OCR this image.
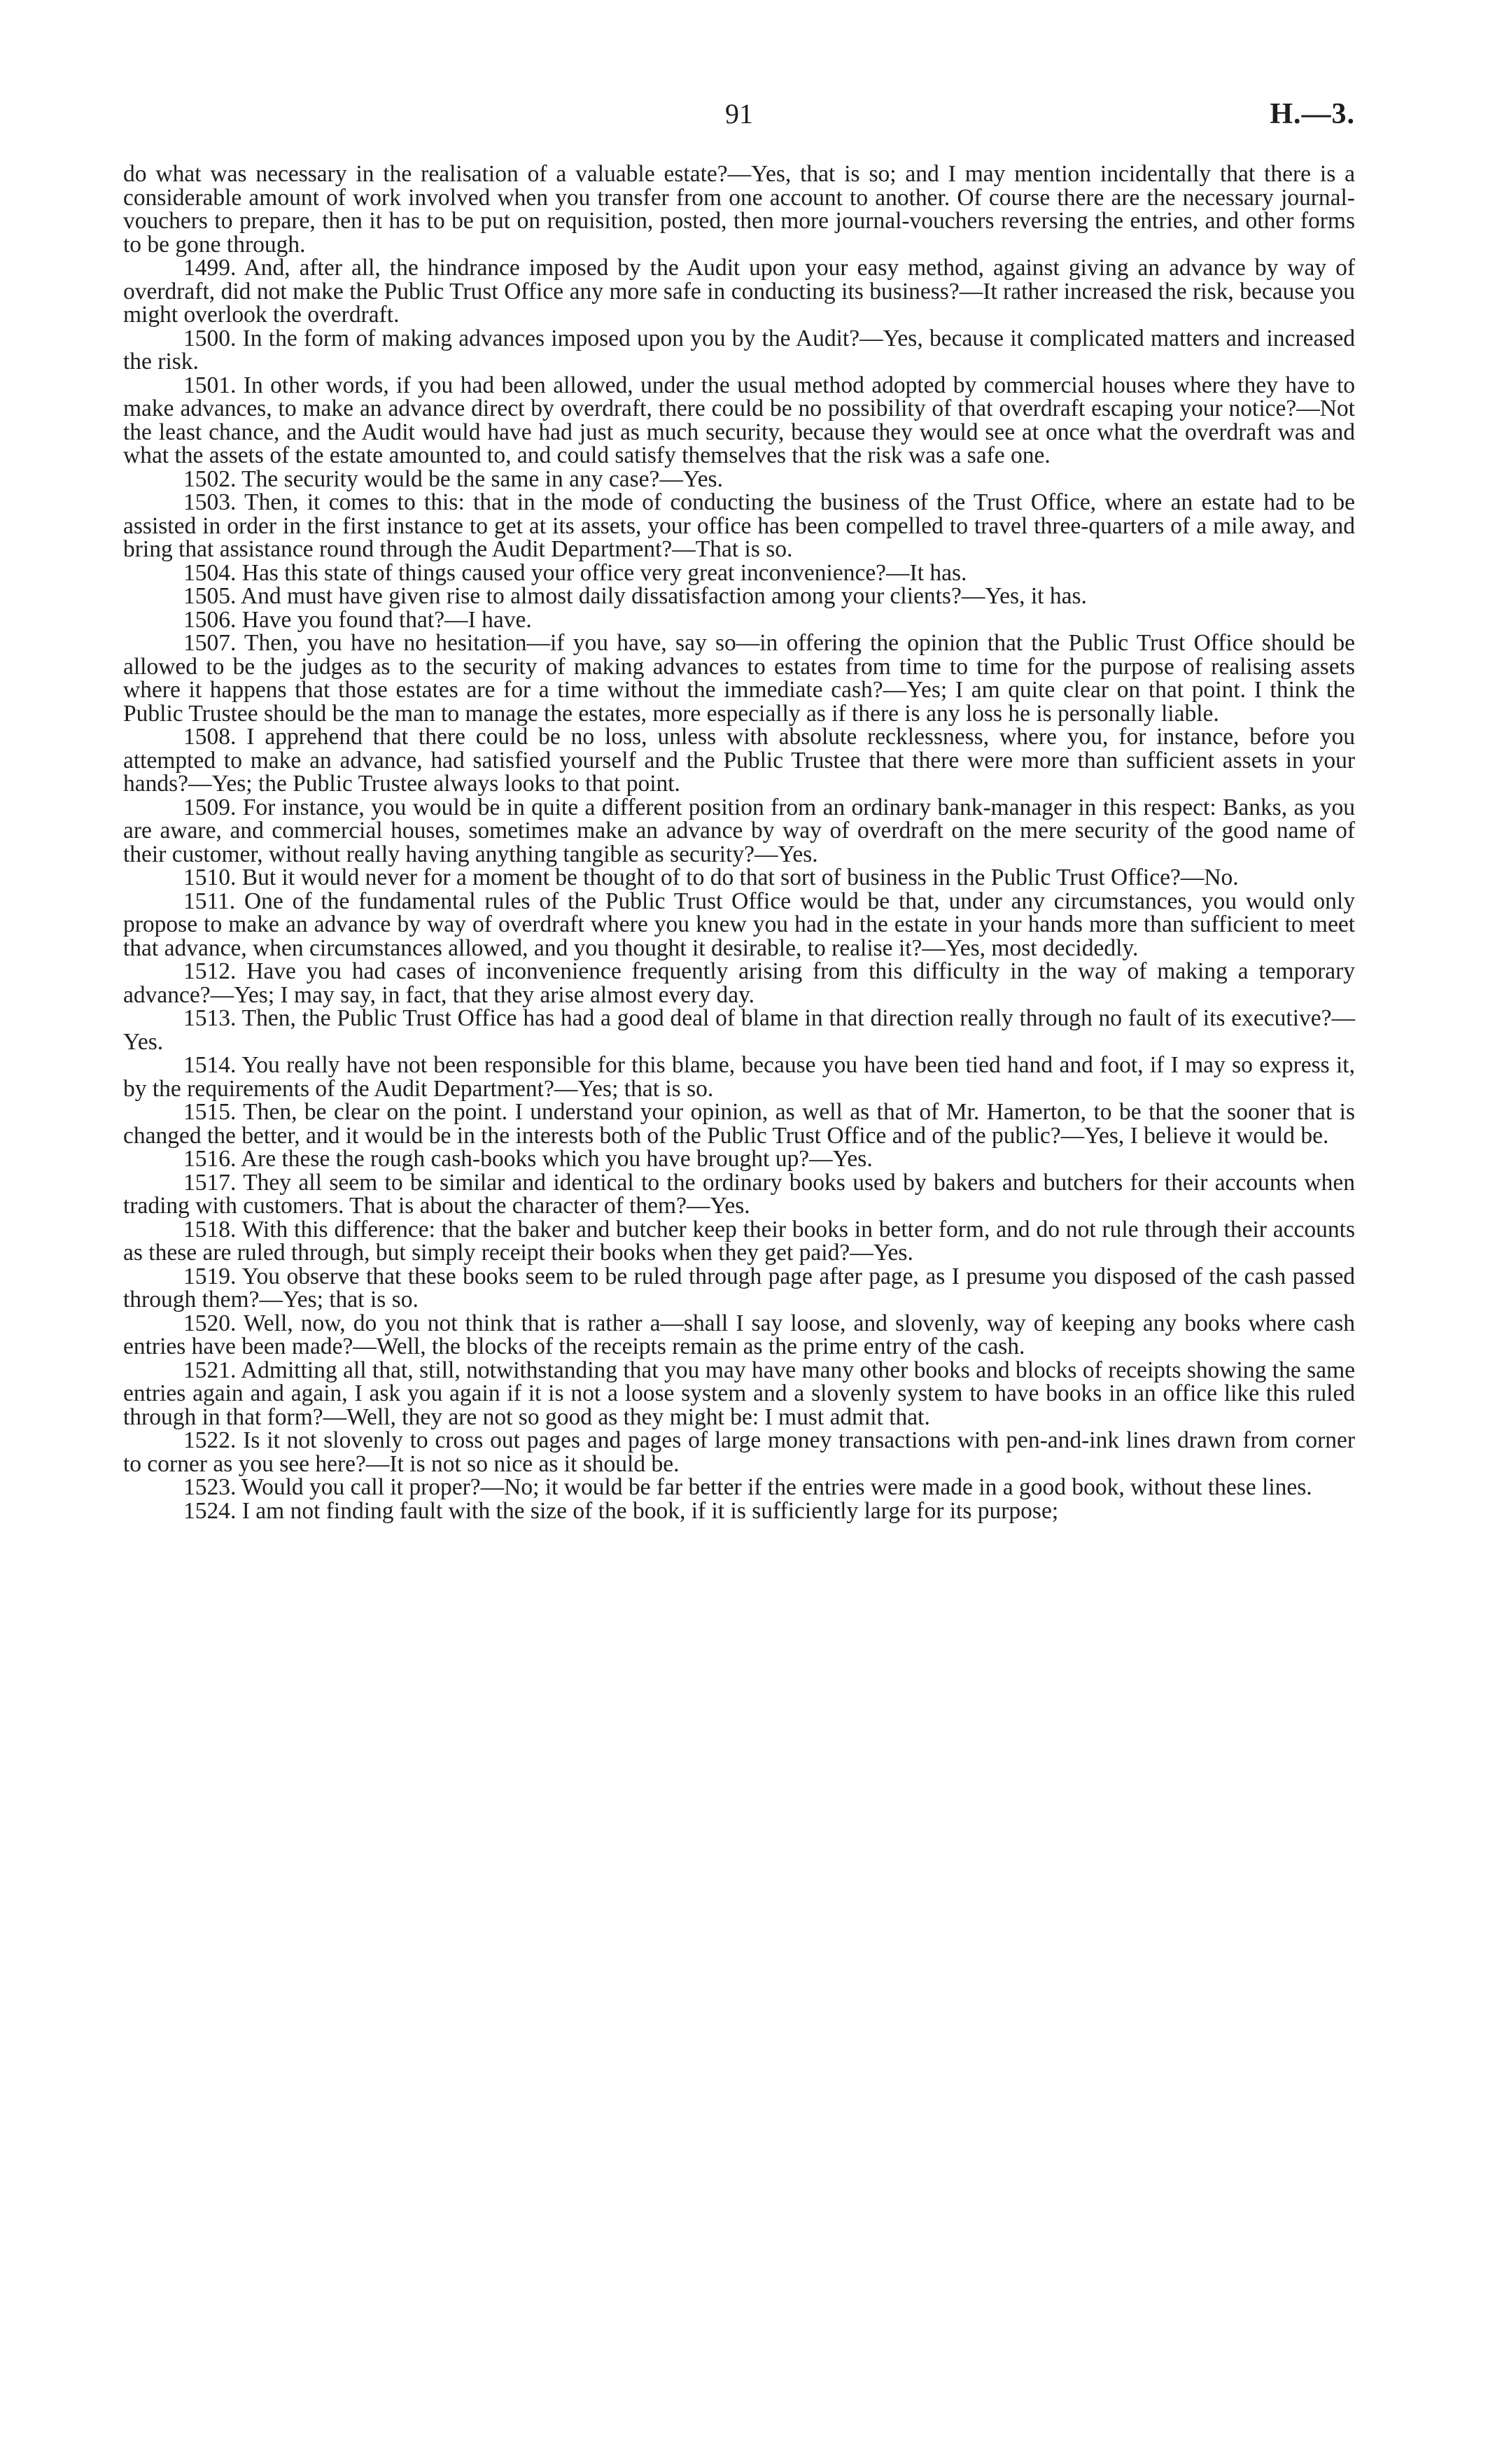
91	H.—3.

do what was necessary in the realisation of a valuable estate?—Yes, that is so; and I may mention incidentally that there is a considerable amount of work involved when you transfer from one account to another. Of course there are the necessary journal-vouchers to prepare, then it has to be put on requisition, posted, then more journal-vouchers reversing the entries, and other forms to be gone through.

1499. And, after all, the hindrance imposed by the Audit upon your easy method, against giving an advance by way of overdraft, did not make the Public Trust Office any more safe in conducting its business?—It rather increased the risk, because you might overlook the overdraft.

1500. In the form of making advances imposed upon you by the Audit?—Yes, because it complicated matters and increased the risk.

1501. In other words, if you had been allowed, under the usual method adopted by commercial houses where they have to make advances, to make an advance direct by overdraft, there could be no possibility of that overdraft escaping your notice?—Not the least chance, and the Audit would have had just as much security, because they would see at once what the overdraft was and what the assets of the estate amounted to, and could satisfy themselves that the risk was a safe one.

1502. The security would be the same in any case?—Yes.

1503. Then, it comes to this: that in the mode of conducting the business of the Trust Office, where an estate had to be assisted in order in the first instance to get at its assets, your office has been compelled to travel three-quarters of a mile away, and bring that assistance round through the Audit Department?—That is so.

1504. Has this state of things caused your office very great inconvenience?—It has.

1505. And must have given rise to almost daily dissatisfaction among your clients?—Yes, it has.

1506. Have you found that?—I have.

1507. Then, you have no hesitation—if you have, say so—in offering the opinion that the Public Trust Office should be allowed to be the judges as to the security of making advances to estates from time to time for the purpose of realising assets where it happens that those estates are for a time without the immediate cash?—Yes; I am quite clear on that point. I think the Public Trustee should be the man to manage the estates, more especially as if there is any loss he is personally liable.

1508. I apprehend that there could be no loss, unless with absolute recklessness, where you, for instance, before you attempted to make an advance, had satisfied yourself and the Public Trustee that there were more than sufficient assets in your hands?—Yes; the Public Trustee always looks to that point.

1509. For instance, you would be in quite a different position from an ordinary bank-manager in this respect: Banks, as you are aware, and commercial houses, sometimes make an advance by way of overdraft on the mere security of the good name of their customer, without really having anything tangible as security?—Yes.

1510. But it would never for a moment be thought of to do that sort of business in the Public Trust Office?—No.

1511. One of the fundamental rules of the Public Trust Office would be that, under any circumstances, you would only propose to make an advance by way of overdraft where you knew you had in the estate in your hands more than sufficient to meet that advance, when circumstances allowed, and you thought it desirable, to realise it?—Yes, most decidedly.

1512. Have you had cases of inconvenience frequently arising from this difficulty in the way of making a temporary advance?—Yes; I may say, in fact, that they arise almost every day.

1513. Then, the Public Trust Office has had a good deal of blame in that direction really through no fault of its executive?—Yes.

1514. You really have not been responsible for this blame, because you have been tied hand and foot, if I may so express it, by the requirements of the Audit Department?—Yes; that is so.

1515. Then, be clear on the point. I understand your opinion, as well as that of Mr. Hamerton, to be that the sooner that is changed the better, and it would be in the interests both of the Public Trust Office and of the public?—Yes, I believe it would be.

1516. Are these the rough cash-books which you have brought up?—Yes.

1517. They all seem to be similar and identical to the ordinary books used by bakers and butchers for their accounts when trading with customers. That is about the character of them?—Yes.

1518. With this difference: that the baker and butcher keep their books in better form, and do not rule through their accounts as these are ruled through, but simply receipt their books when they get paid?—Yes.

1519. You observe that these books seem to be ruled through page after page, as I presume you disposed of the cash passed through them?—Yes; that is so.

1520. Well, now, do you not think that is rather a—shall I say loose, and slovenly, way of keeping any books where cash entries have been made?—Well, the blocks of the receipts remain as the prime entry of the cash.

1521. Admitting all that, still, notwithstanding that you may have many other books and blocks of receipts showing the same entries again and again, I ask you again if it is not a loose system and a slovenly system to have books in an office like this ruled through in that form?—Well, they are not so good as they might be: I must admit that.

1522. Is it not slovenly to cross out pages and pages of large money transactions with pen-and-ink lines drawn from corner to corner as you see here?—It is not so nice as it should be.

1523. Would you call it proper?—No; it would be far better if the entries were made in a good book, without these lines.

1524. I am not finding fault with the size of the book, if it is sufficiently large for its purpose;
